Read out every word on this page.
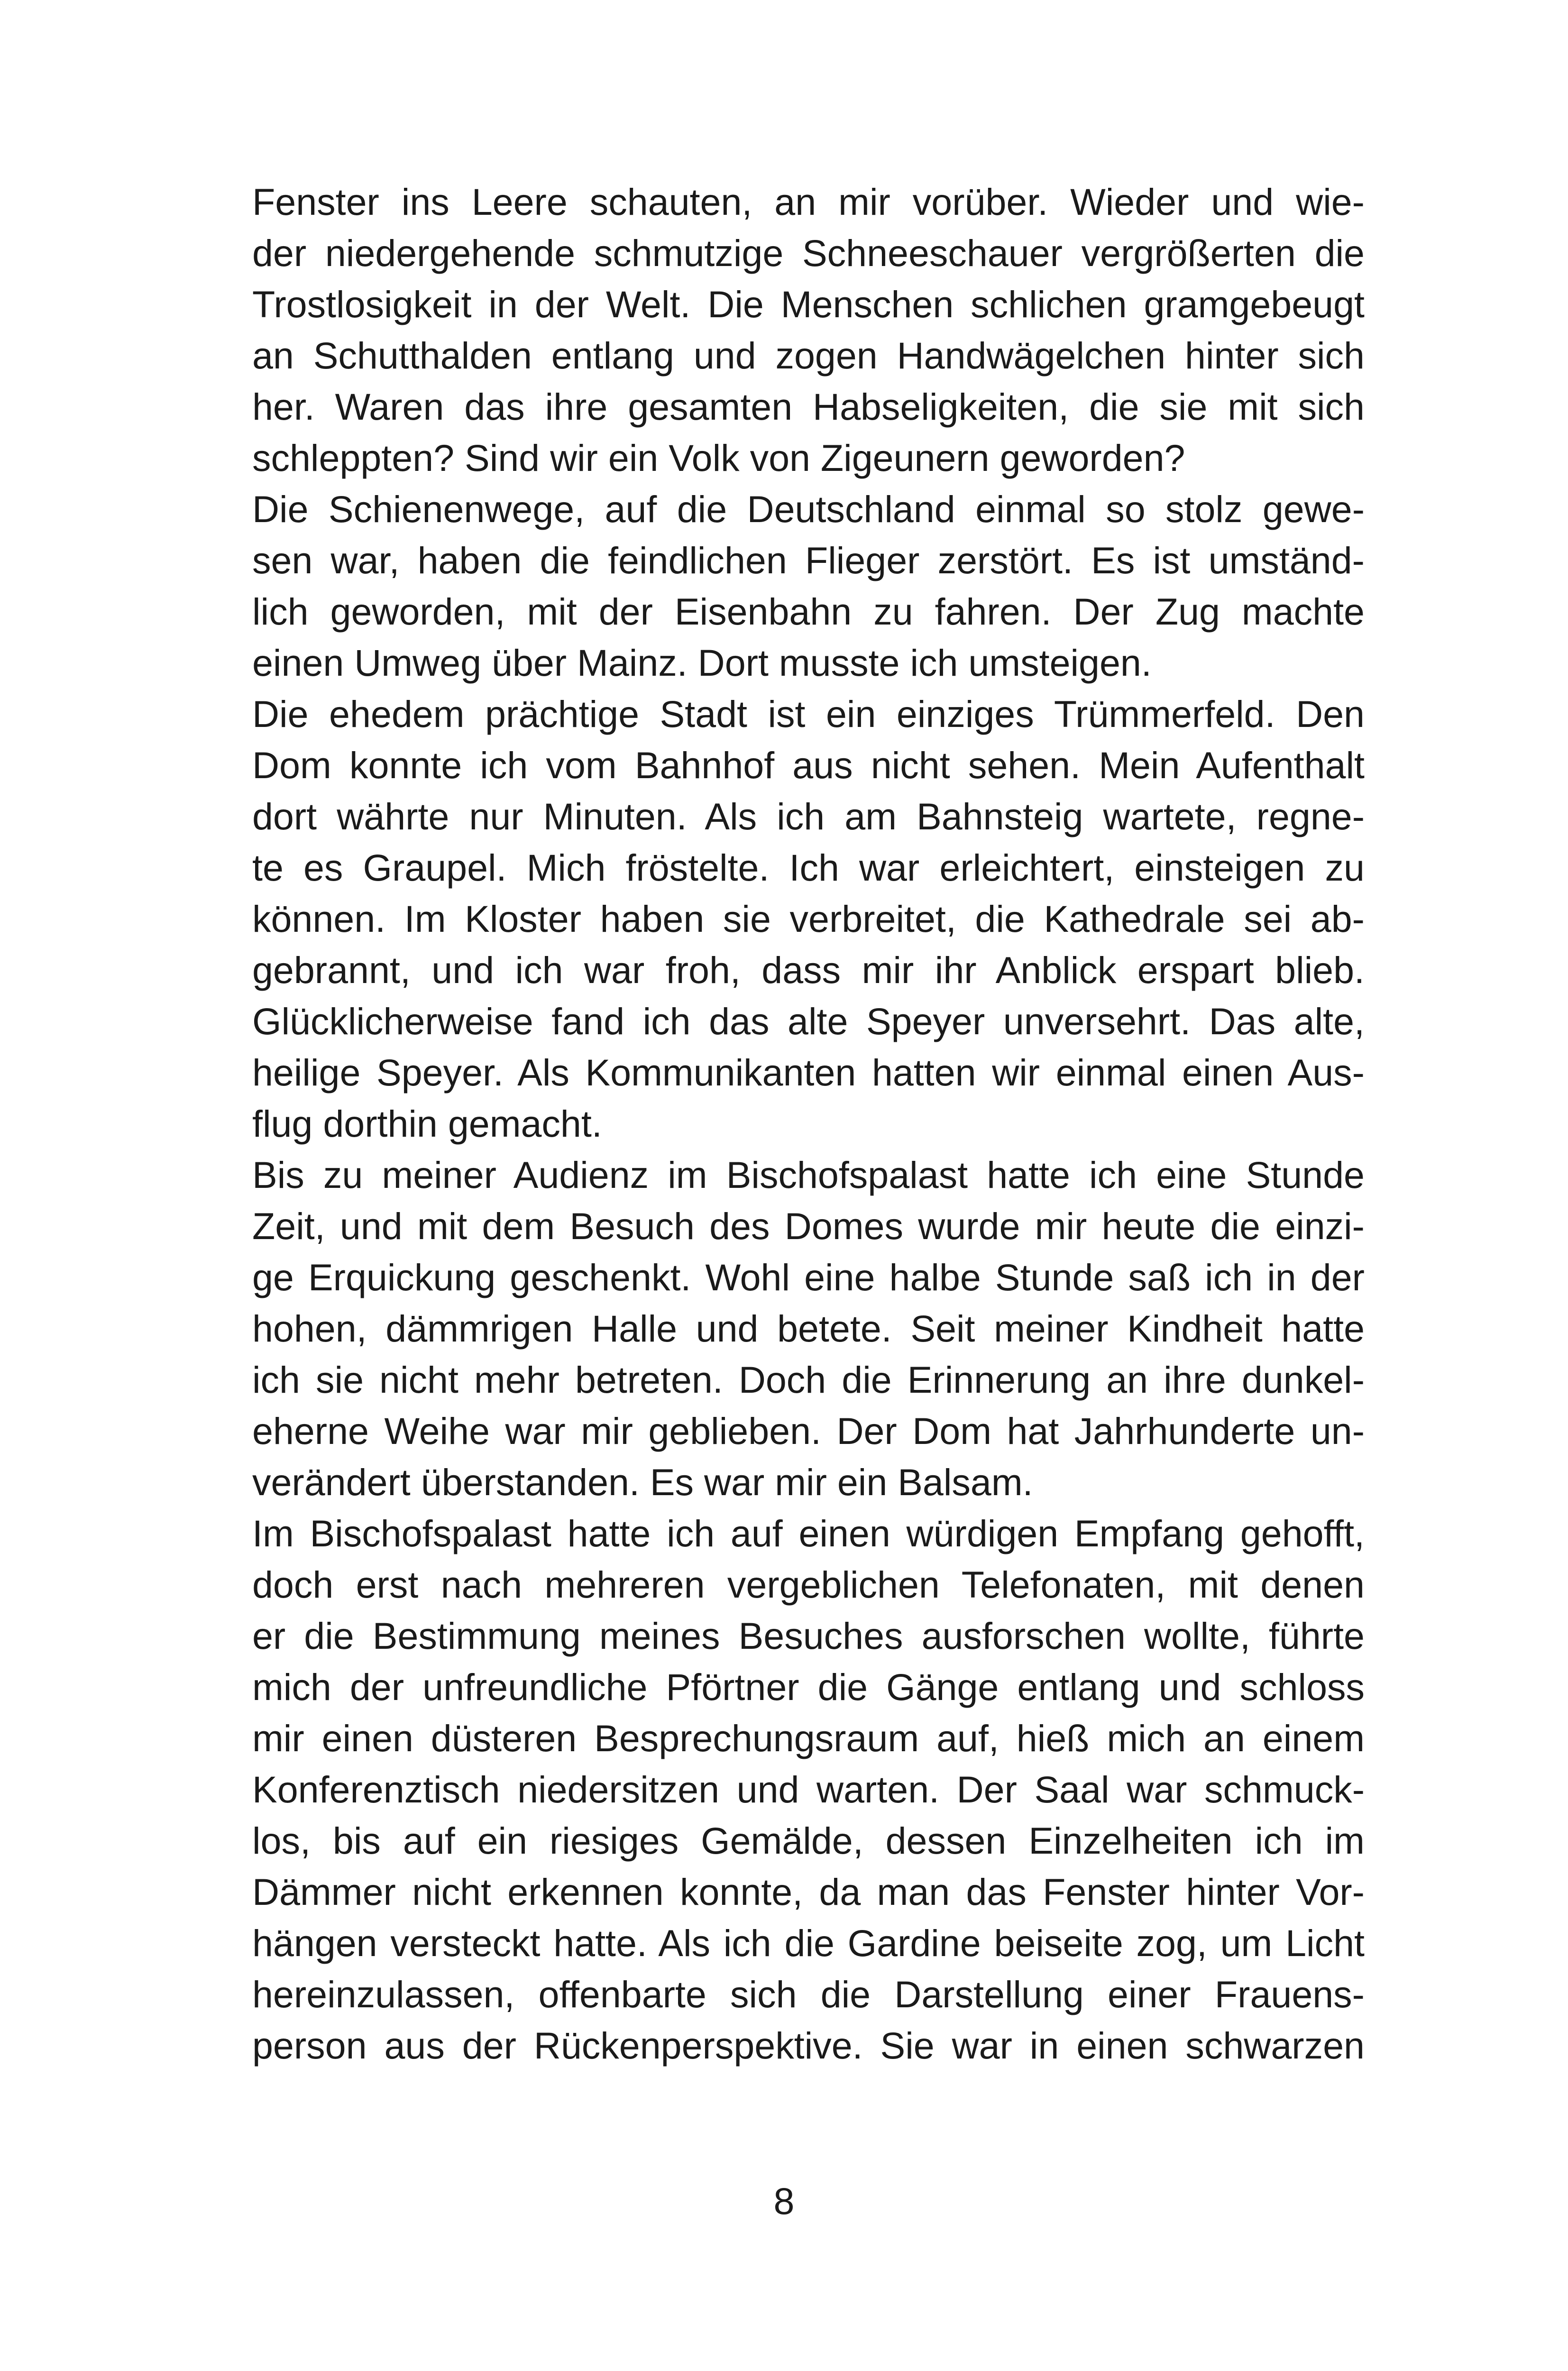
Fenster ins Leere schauten, an mir vorüber. Wieder und wie-
der niedergehende schmutzige Schneeschauer vergrößerten die
Trostlosigkeit in der Welt. Die Menschen schlichen gramgebeugt
an Schutthalden entlang und zogen Handwägelchen hinter sich
her. Waren das ihre gesamten Habseligkeiten, die sie mit sich
schleppten? Sind wir ein Volk von Zigeunern geworden?
Die Schienenwege, auf die Deutschland einmal so stolz gewe-
sen war, haben die feindlichen Flieger zerstört. Es ist umständ-
lich geworden, mit der Eisenbahn zu fahren. Der Zug machte
einen Umweg über Mainz. Dort musste ich umsteigen.
Die ehedem prächtige Stadt ist ein einziges Trümmerfeld. Den
Dom konnte ich vom Bahnhof aus nicht sehen. Mein Aufenthalt
dort währte nur Minuten. Als ich am Bahnsteig wartete, regne-
te es Graupel. Mich fröstelte. Ich war erleichtert, einsteigen zu
können. Im Kloster haben sie verbreitet, die Kathedrale sei ab-
gebrannt, und ich war froh, dass mir ihr Anblick erspart blieb.
Glücklicherweise fand ich das alte Speyer unversehrt. Das alte,
heilige Speyer. Als Kommunikanten hatten wir einmal einen Aus-
flug dorthin gemacht.
Bis zu meiner Audienz im Bischofspalast hatte ich eine Stunde
Zeit, und mit dem Besuch des Domes wurde mir heute die einzi-
ge Erquickung geschenkt. Wohl eine halbe Stunde saß ich in der
hohen, dämmrigen Halle und betete. Seit meiner Kindheit hatte
ich sie nicht mehr betreten. Doch die Erinnerung an ihre dunkel-
eherne Weihe war mir geblieben. Der Dom hat Jahrhunderte un-
verändert überstanden. Es war mir ein Balsam.
Im Bischofspalast hatte ich auf einen würdigen Empfang gehofft,
doch erst nach mehreren vergeblichen Telefonaten, mit denen
er die Bestimmung meines Besuches ausforschen wollte, führte
mich der unfreundliche Pförtner die Gänge entlang und schloss
mir einen düsteren Besprechungsraum auf, hieß mich an einem
Konferenztisch niedersitzen und warten. Der Saal war schmuck-
los, bis auf ein riesiges Gemälde, dessen Einzelheiten ich im
Dämmer nicht erkennen konnte, da man das Fenster hinter Vor-
hängen versteckt hatte. Als ich die Gardine beiseite zog, um Licht
hereinzulassen, offenbarte sich die Darstellung einer Frauens-
person aus der Rückenperspektive. Sie war in einen schwarzen
8
